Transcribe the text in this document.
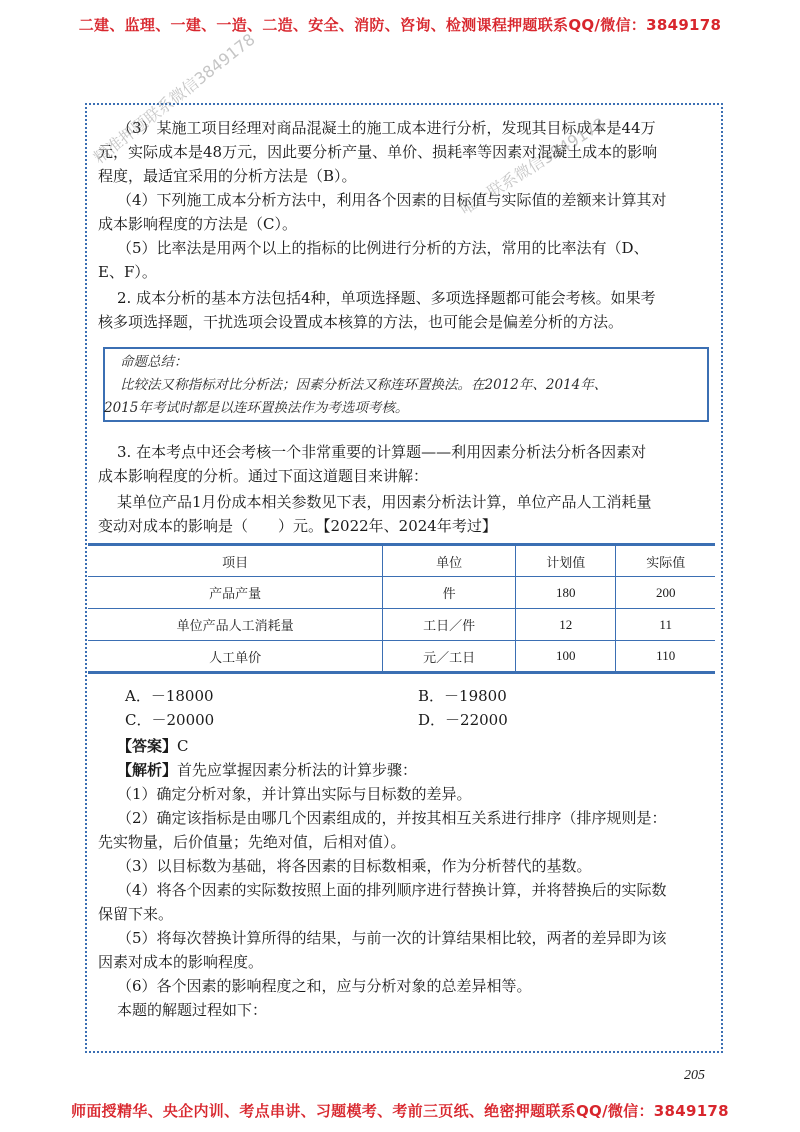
二建、监理、一建、一造、二造、安全、消防、咨询、检测课程押题联系QQ/微信：3849178
（3）某施工项目经理对商品混凝土的施工成本进行分析，发现其目标成本是44万
元，实际成本是48万元，因此要分析产量、单价、损耗率等因素对混凝土成本的影响
程度，最适宜采用的分析方法是（B）。
（4）下列施工成本分析方法中，利用各个因素的目标值与实际值的差额来计算其对
成本影响程度的方法是（C）。
（5）比率法是用两个以上的指标的比例进行分析的方法，常用的比率法有（D、
E、F）。
2. 成本分析的基本方法包括4种，单项选择题、多项选择题都可能会考核。如果考
核多项选择题，干扰选项会设置成本核算的方法，也可能会是偏差分析的方法。
命题总结：
比较法又称指标对比分析法；因素分析法又称连环置换法。在2012年、2014年、
2015年考试时都是以连环置换法作为考选项考核。
3. 在本考点中还会考核一个非常重要的计算题——利用因素分析法分析各因素对
成本影响程度的分析。通过下面这道题目来讲解：
某单位产品1月份成本相关参数见下表，用因素分析法计算，单位产品人工消耗量
变动对成本的影响是（　　）元。【2022年、2024年考过】
项目	单位	计划值	实际值
产品产量	件	180	200
单位产品人工消耗量	工日／件	12	11
人工单价	元／工日	100	110
A．－18000	B．－19800
C．－20000	D．－22000
【答案】C
【解析】首先应掌握因素分析法的计算步骤：
（1）确定分析对象，并计算出实际与目标数的差异。
（2）确定该指标是由哪几个因素组成的，并按其相互关系进行排序（排序规则是：
先实物量，后价值量；先绝对值，后相对值）。
（3）以目标数为基础，将各因素的目标数相乘，作为分析替代的基数。
（4）将各个因素的实际数按照上面的排列顺序进行替换计算，并将替换后的实际数
保留下来。
（5）将每次替换计算所得的结果，与前一次的计算结果相比较，两者的差异即为该
因素对成本的影响程度。
（6）各个因素的影响程度之和，应与分析对象的总差异相等。
本题的解题过程如下：
精准押题联系微信3849178	唯一联系微信3849178
205
师面授精华、央企内训、考点串讲、习题模考、考前三页纸、绝密押题联系QQ/微信：3849178
